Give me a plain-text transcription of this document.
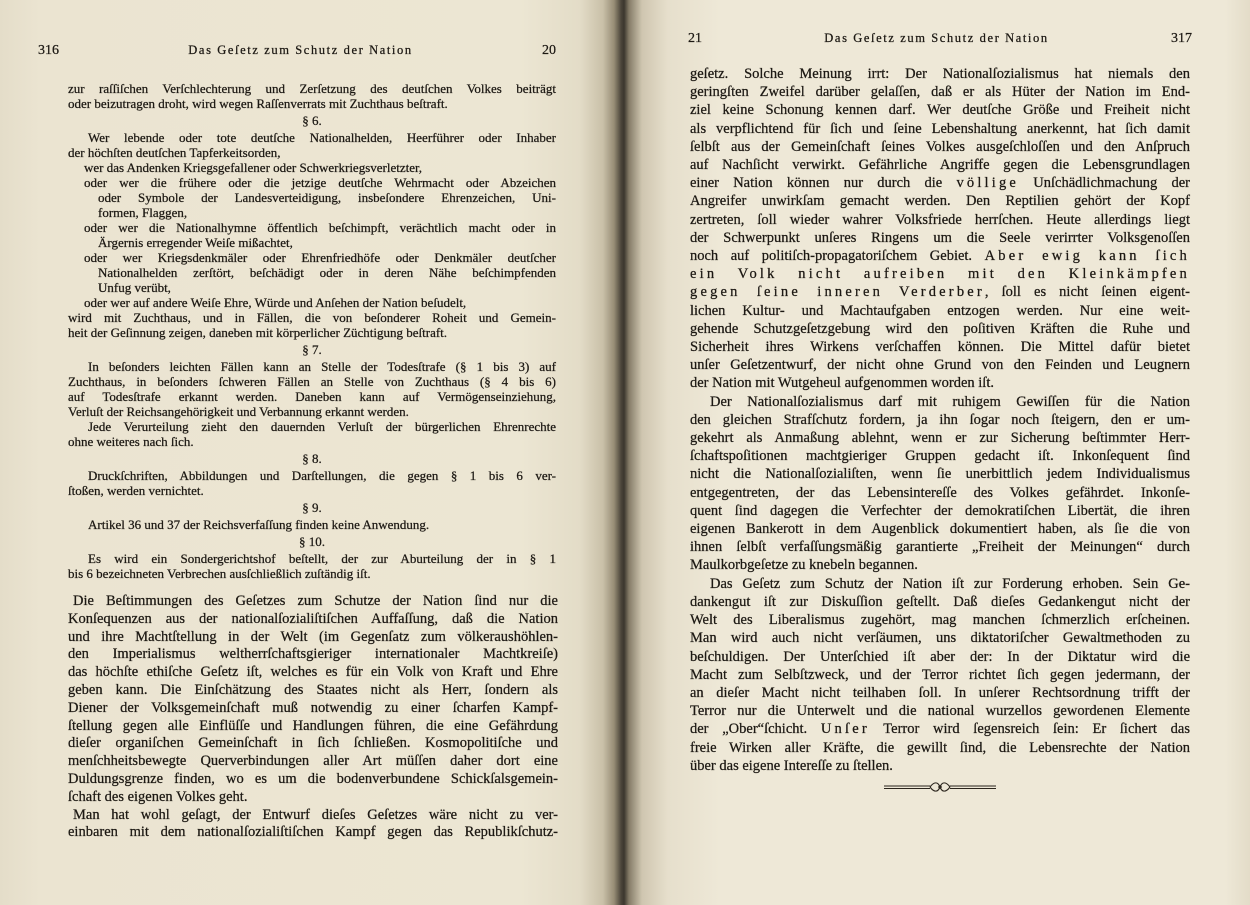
316	Das Geſetz zum Schutz der Nation	20
zur raſſiſchen Verſchlechterung und Zerſetzung des deutſchen Volkes beiträgt
oder beizutragen droht, wird wegen Raſſenverrats mit Zuchthaus beſtraft.
§ 6.
Wer lebende oder tote deutſche Nationalhelden, Heerführer oder Inhaber
der höchſten deutſchen Tapferkeitsorden,
wer das Andenken Kriegsgefallener oder Schwerkriegsverletzter,
oder wer die frühere oder die jetzige deutſche Wehrmacht oder Abzeichen
oder Symbole der Landesverteidigung, insbeſondere Ehrenzeichen, Uni-
formen, Flaggen,
oder wer die Nationalhymne öffentlich beſchimpft, verächtlich macht oder in
Ärgernis erregender Weiſe mißachtet,
oder wer Kriegsdenkmäler oder Ehrenfriedhöfe oder Denkmäler deutſcher
Nationalhelden zerſtört, beſchädigt oder in deren Nähe beſchimpfenden
Unfug verübt,
oder wer auf andere Weiſe Ehre, Würde und Anſehen der Nation beſudelt,
wird mit Zuchthaus, und in Fällen, die von beſonderer Roheit und Gemein-
heit der Geſinnung zeigen, daneben mit körperlicher Züchtigung beſtraft.
§ 7.
In beſonders leichten Fällen kann an Stelle der Todesſtrafe (§ 1 bis 3) auf
Zuchthaus, in beſonders ſchweren Fällen an Stelle von Zuchthaus (§ 4 bis 6)
auf Todesſtrafe erkannt werden. Daneben kann auf Vermögenseinziehung,
Verluſt der Reichsangehörigkeit und Verbannung erkannt werden.
Jede Verurteilung zieht den dauernden Verluſt der bürgerlichen Ehrenrechte
ohne weiteres nach ſich.
§ 8.
Druckſchriften, Abbildungen und Darſtellungen, die gegen § 1 bis 6 ver-
ſtoßen, werden vernichtet.
§ 9.
Artikel 36 und 37 der Reichsverfaſſung finden keine Anwendung.
§ 10.
Es wird ein Sondergerichtshof beſtellt, der zur Aburteilung der in § 1
bis 6 bezeichneten Verbrechen ausſchließlich zuſtändig iſt.
Die Beſtimmungen des Geſetzes zum Schutze der Nation ſind nur die
Konſequenzen aus der nationalſozialiſtiſchen Auffaſſung, daß die Nation
und ihre Machtſtellung in der Welt (im Gegenſatz zum völkeraushöhlen-
den Imperialismus weltherrſchaftsgieriger internationaler Machtkreiſe)
das höchſte ethiſche Geſetz iſt, welches es für ein Volk von Kraft und Ehre
geben kann. Die Einſchätzung des Staates nicht als Herr, ſondern als
Diener der Volksgemeinſchaft muß notwendig zu einer ſcharfen Kampf-
ſtellung gegen alle Einflüſſe und Handlungen führen, die eine Gefährdung
dieſer organiſchen Gemeinſchaft in ſich ſchließen. Kosmopolitiſche und
menſchheitsbewegte Querverbindungen aller Art müſſen daher dort eine
Duldungsgrenze finden, wo es um die bodenverbundene Schickſalsgemein-
ſchaft des eigenen Volkes geht.
Man hat wohl geſagt, der Entwurf dieſes Geſetzes wäre nicht zu ver-
einbaren mit dem nationalſozialiſtiſchen Kampf gegen das Republikſchutz-
21	Das Geſetz zum Schutz der Nation	317
geſetz. Solche Meinung irrt: Der Nationalſozialismus hat niemals den
geringſten Zweifel darüber gelaſſen, daß er als Hüter der Nation im End-
ziel keine Schonung kennen darf. Wer deutſche Größe und Freiheit nicht
als verpflichtend für ſich und ſeine Lebenshaltung anerkennt, hat ſich damit
ſelbſt aus der Gemeinſchaft ſeines Volkes ausgeſchloſſen und den Anſpruch
auf Nachſicht verwirkt. Gefährliche Angriffe gegen die Lebensgrundlagen
einer Nation können nur durch die völlige Unſchädlichmachung der
Angreifer unwirkſam gemacht werden. Den Reptilien gehört der Kopf
zertreten, ſoll wieder wahrer Volksfriede herrſchen. Heute allerdings liegt
der Schwerpunkt unſeres Ringens um die Seele verirrter Volksgenoſſen
noch auf politiſch-propagatoriſchem Gebiet. Aber ewig kann ſich
ein Volk nicht aufreiben mit den Kleinkämpfen
gegen ſeine inneren Verderber, ſoll es nicht ſeinen eigent-
lichen Kultur- und Machtaufgaben entzogen werden. Nur eine weit-
gehende Schutzgeſetzgebung wird den poſitiven Kräften die Ruhe und
Sicherheit ihres Wirkens verſchaffen können. Die Mittel dafür bietet
unſer Geſetzentwurf, der nicht ohne Grund von den Feinden und Leugnern
der Nation mit Wutgeheul aufgenommen worden iſt.
Der Nationalſozialismus darf mit ruhigem Gewiſſen für die Nation
den gleichen Strafſchutz fordern, ja ihn ſogar noch ſteigern, den er um-
gekehrt als Anmaßung ablehnt, wenn er zur Sicherung beſtimmter Herr-
ſchaftspoſitionen machtgieriger Gruppen gedacht iſt. Inkonſequent ſind
nicht die Nationalſozialiſten, wenn ſie unerbittlich jedem Individualismus
entgegentreten, der das Lebensintereſſe des Volkes gefährdet. Inkonſe-
quent ſind dagegen die Verfechter der demokratiſchen Libertät, die ihren
eigenen Bankerott in dem Augenblick dokumentiert haben, als ſie die von
ihnen ſelbſt verfaſſungsmäßig garantierte „Freiheit der Meinungen“ durch
Maulkorbgeſetze zu knebeln begannen.
Das Geſetz zum Schutz der Nation iſt zur Forderung erhoben. Sein Ge-
dankengut iſt zur Diskuſſion geſtellt. Daß dieſes Gedankengut nicht der
Welt des Liberalismus zugehört, mag manchen ſchmerzlich erſcheinen.
Man wird auch nicht verſäumen, uns diktatoriſcher Gewaltmethoden zu
beſchuldigen. Der Unterſchied iſt aber der: In der Diktatur wird die
Macht zum Selbſtzweck, und der Terror richtet ſich gegen jedermann, der
an dieſer Macht nicht teilhaben ſoll. In unſerer Rechtsordnung trifft der
Terror nur die Unterwelt und die national wurzellos gewordenen Elemente
der „Ober“ſchicht. Unſer Terror wird ſegensreich ſein: Er ſichert das
freie Wirken aller Kräfte, die gewillt ſind, die Lebensrechte der Nation
über das eigene Intereſſe zu ſtellen.
